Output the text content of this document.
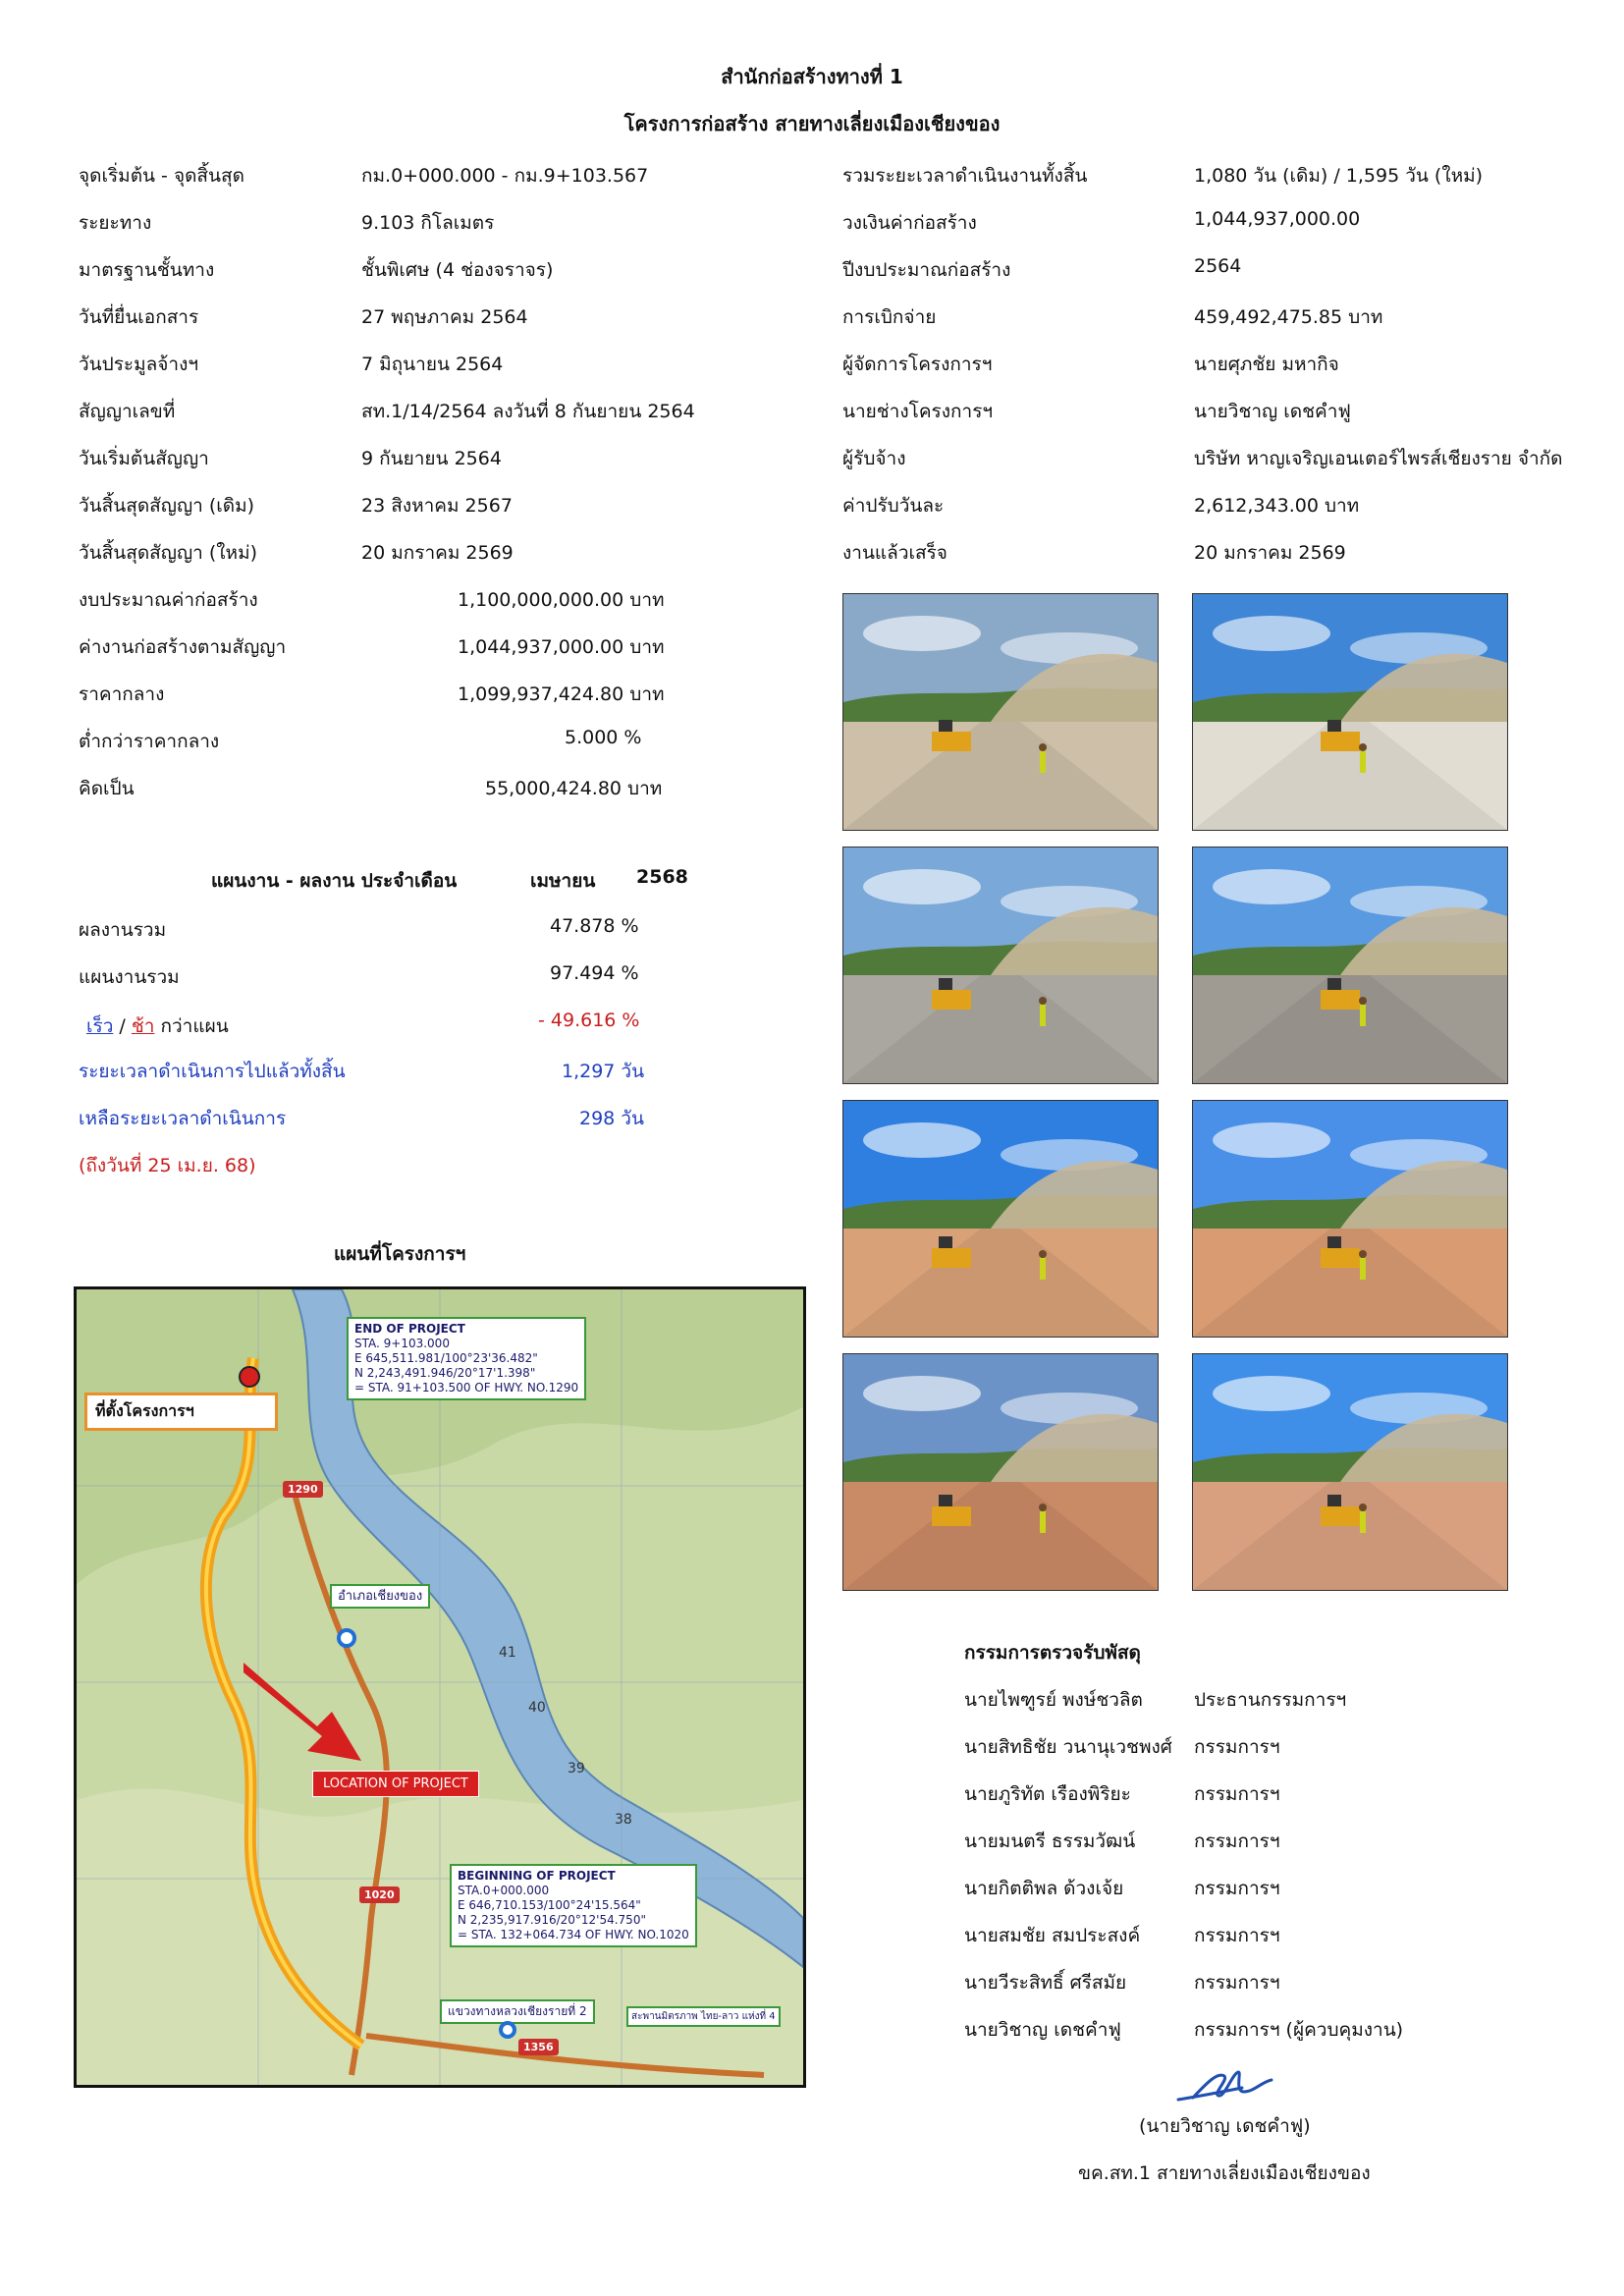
สำนักก่อสร้างทางที่ 1
โครงการก่อสร้าง สายทางเลี่ยงเมืองเชียงของ
จุดเริ่มต้น - จุดสิ้นสุด	กม.0+000.000 - กม.9+103.567
ระยะทาง	9.103 กิโลเมตร
มาตรฐานชั้นทาง	ชั้นพิเศษ (4 ช่องจราจร)
วันที่ยื่นเอกสาร	27 พฤษภาคม 2564
วันประมูลจ้างฯ	7 มิถุนายน 2564
สัญญาเลขที่	สท.1/14/2564 ลงวันที่ 8 กันยายน 2564
วันเริ่มต้นสัญญา	9 กันยายน 2564
วันสิ้นสุดสัญญา (เดิม)	23 สิงหาคม 2567
วันสิ้นสุดสัญญา (ใหม่)	20 มกราคม 2569
รวมระยะเวลาดำเนินงานทั้งสิ้น	1,080 วัน (เดิม) / 1,595 วัน (ใหม่)
วงเงินค่าก่อสร้าง	1,044,937,000.00
ปีงบประมาณก่อสร้าง	2564
การเบิกจ่าย	459,492,475.85 บาท
ผู้จัดการโครงการฯ	นายศุภชัย มหากิจ
นายช่างโครงการฯ	นายวิชาญ เดชคำฟู
ผู้รับจ้าง	บริษัท หาญเจริญเอนเตอร์ไพรส์เชียงราย จำกัด
ค่าปรับวันละ	2,612,343.00 บาท
งานแล้วเสร็จ	20 มกราคม 2569
งบประมาณค่าก่อสร้าง	1,100,000,000.00 บาท
ค่างานก่อสร้างตามสัญญา	1,044,937,000.00 บาท
ราคากลาง	1,099,937,424.80 บาท
ต่ำกว่าราคากลาง	5.000 %
คิดเป็น	55,000,424.80 บาท
แผนงาน - ผลงาน ประจำเดือน	เมษายน 2568
ผลงานรวม	47.878 %
แผนงานรวม	97.494 %
เร็ว / ช้า กว่าแผน	- 49.616 %
ระยะเวลาดำเนินการไปแล้วทั้งสิ้น	1,297 วัน
เหลือระยะเวลาดำเนินการ	298 วัน
(ถึงวันที่ 25 เม.ย. 68)
แผนที่โครงการฯ
ที่ตั้งโครงการฯ
END OF PROJECT
STA. 9+103.000
E 645,511.981/100°23'36.482"
N 2,243,491.946/20°17'1.398"
= STA. 91+103.500 OF HWY. NO.1290
BEGINNING OF PROJECT
STA.0+000.000
E 646,710.153/100°24'15.564"
N 2,235,917.916/20°12'54.750"
= STA. 132+064.734 OF HWY. NO.1020
อำเภอเชียงของ
LOCATION OF PROJECT
แขวงทางหลวงเชียงรายที่ 2	สะพานมิตรภาพ ไทย-ลาว แห่งที่ 4
1290
1020
1356
41
40
39
38
กรรมการตรวจรับพัสดุ
นายไพฑูรย์ พงษ์ชวลิต	ประธานกรรมการฯ
นายสิทธิชัย วนานุเวชพงศ์ กรรมการฯ
นายภูริทัต เรืองพิริยะ	กรรมการฯ
นายมนตรี ธรรมวัฒน์	กรรมการฯ
นายกิตติพล ด้วงเจ้ย	กรรมการฯ
นายสมชัย สมประสงค์	กรรมการฯ
นายวีระสิทธิ์ ศรีสมัย	กรรมการฯ
นายวิชาญ เดชคำฟู	กรรมการฯ (ผู้ควบคุมงาน)
(นายวิชาญ เดชคำฟู)
ขค.สท.1 สายทางเลี่ยงเมืองเชียงของ
